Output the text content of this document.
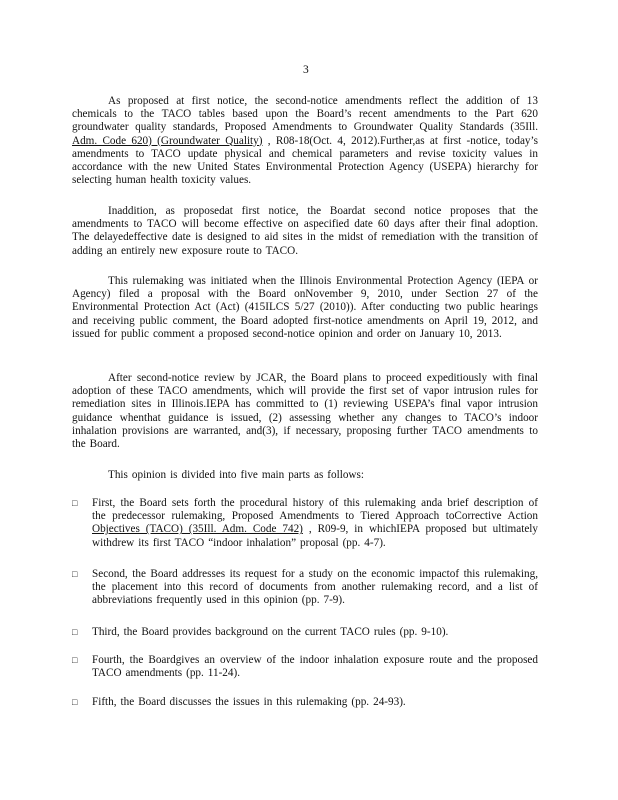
3
As proposed at first notice, the second-notice amendments reflect the addition of 13 chemicals to the TACO tables based upon the Board’s recent amendments to the Part 620 groundwater quality standards, Proposed Amendments to Groundwater Quality Standards (35Ill. Adm. Code 620) (Groundwater Quality) , R08-18(Oct. 4, 2012).Further,as at first -notice, today’s amendments to TACO update physical and chemical parameters and revise toxicity values in accordance with the new United States Environmental Protection Agency (USEPA) hierarchy for selecting human health toxicity values.
Inaddition, as proposedat first notice, the Boardat second notice proposes that the amendments to TACO will become effective on aspecified date 60 days after their final adoption. The delayedeffective date is designed to aid sites in the midst of remediation with the transition of adding an entirely new exposure route to TACO.
This rulemaking was initiated when the Illinois Environmental Protection Agency (IEPA or Agency) filed a proposal with the Board onNovember 9, 2010, under Section 27 of the Environmental Protection Act (Act) (415ILCS 5/27 (2010)). After conducting two public hearings and receiving public comment, the Board adopted first-notice amendments on April 19, 2012, and issued for public comment a proposed second-notice opinion and order on January 10, 2013.
After second-notice review by JCAR, the Board plans to proceed expeditiously with final adoption of these TACO amendments, which will provide the first set of vapor intrusion rules for remediation sites in Illinois.IEPA has committed to (1) reviewing USEPA’s final vapor intrusion guidance whenthat guidance is issued, (2) assessing whether any changes to TACO’s indoor inhalation provisions are warranted, and(3), if necessary, proposing further TACO amendments to the Board.
This opinion is divided into five main parts as follows:
□	First, the Board sets forth the procedural history of this rulemaking anda brief description of the predecessor rulemaking, Proposed Amendments to Tiered Approach toCorrective Action Objectives (TACO) (35Ill. Adm. Code 742) , R09-9, in whichIEPA proposed but ultimately withdrew its first TACO “indoor inhalation” proposal (pp. 4-7).
□	Second, the Board addresses its request for a study on the economic impactof this rulemaking, the placement into this record of documents from another rulemaking record, and a list of abbreviations frequently used in this opinion (pp. 7-9).
□	Third, the Board provides background on the current TACO rules (pp. 9-10).
□	Fourth, the Boardgives an overview of the indoor inhalation exposure route and the proposed TACO amendments (pp. 11-24).
□	Fifth, the Board discusses the issues in this rulemaking (pp. 24-93).
